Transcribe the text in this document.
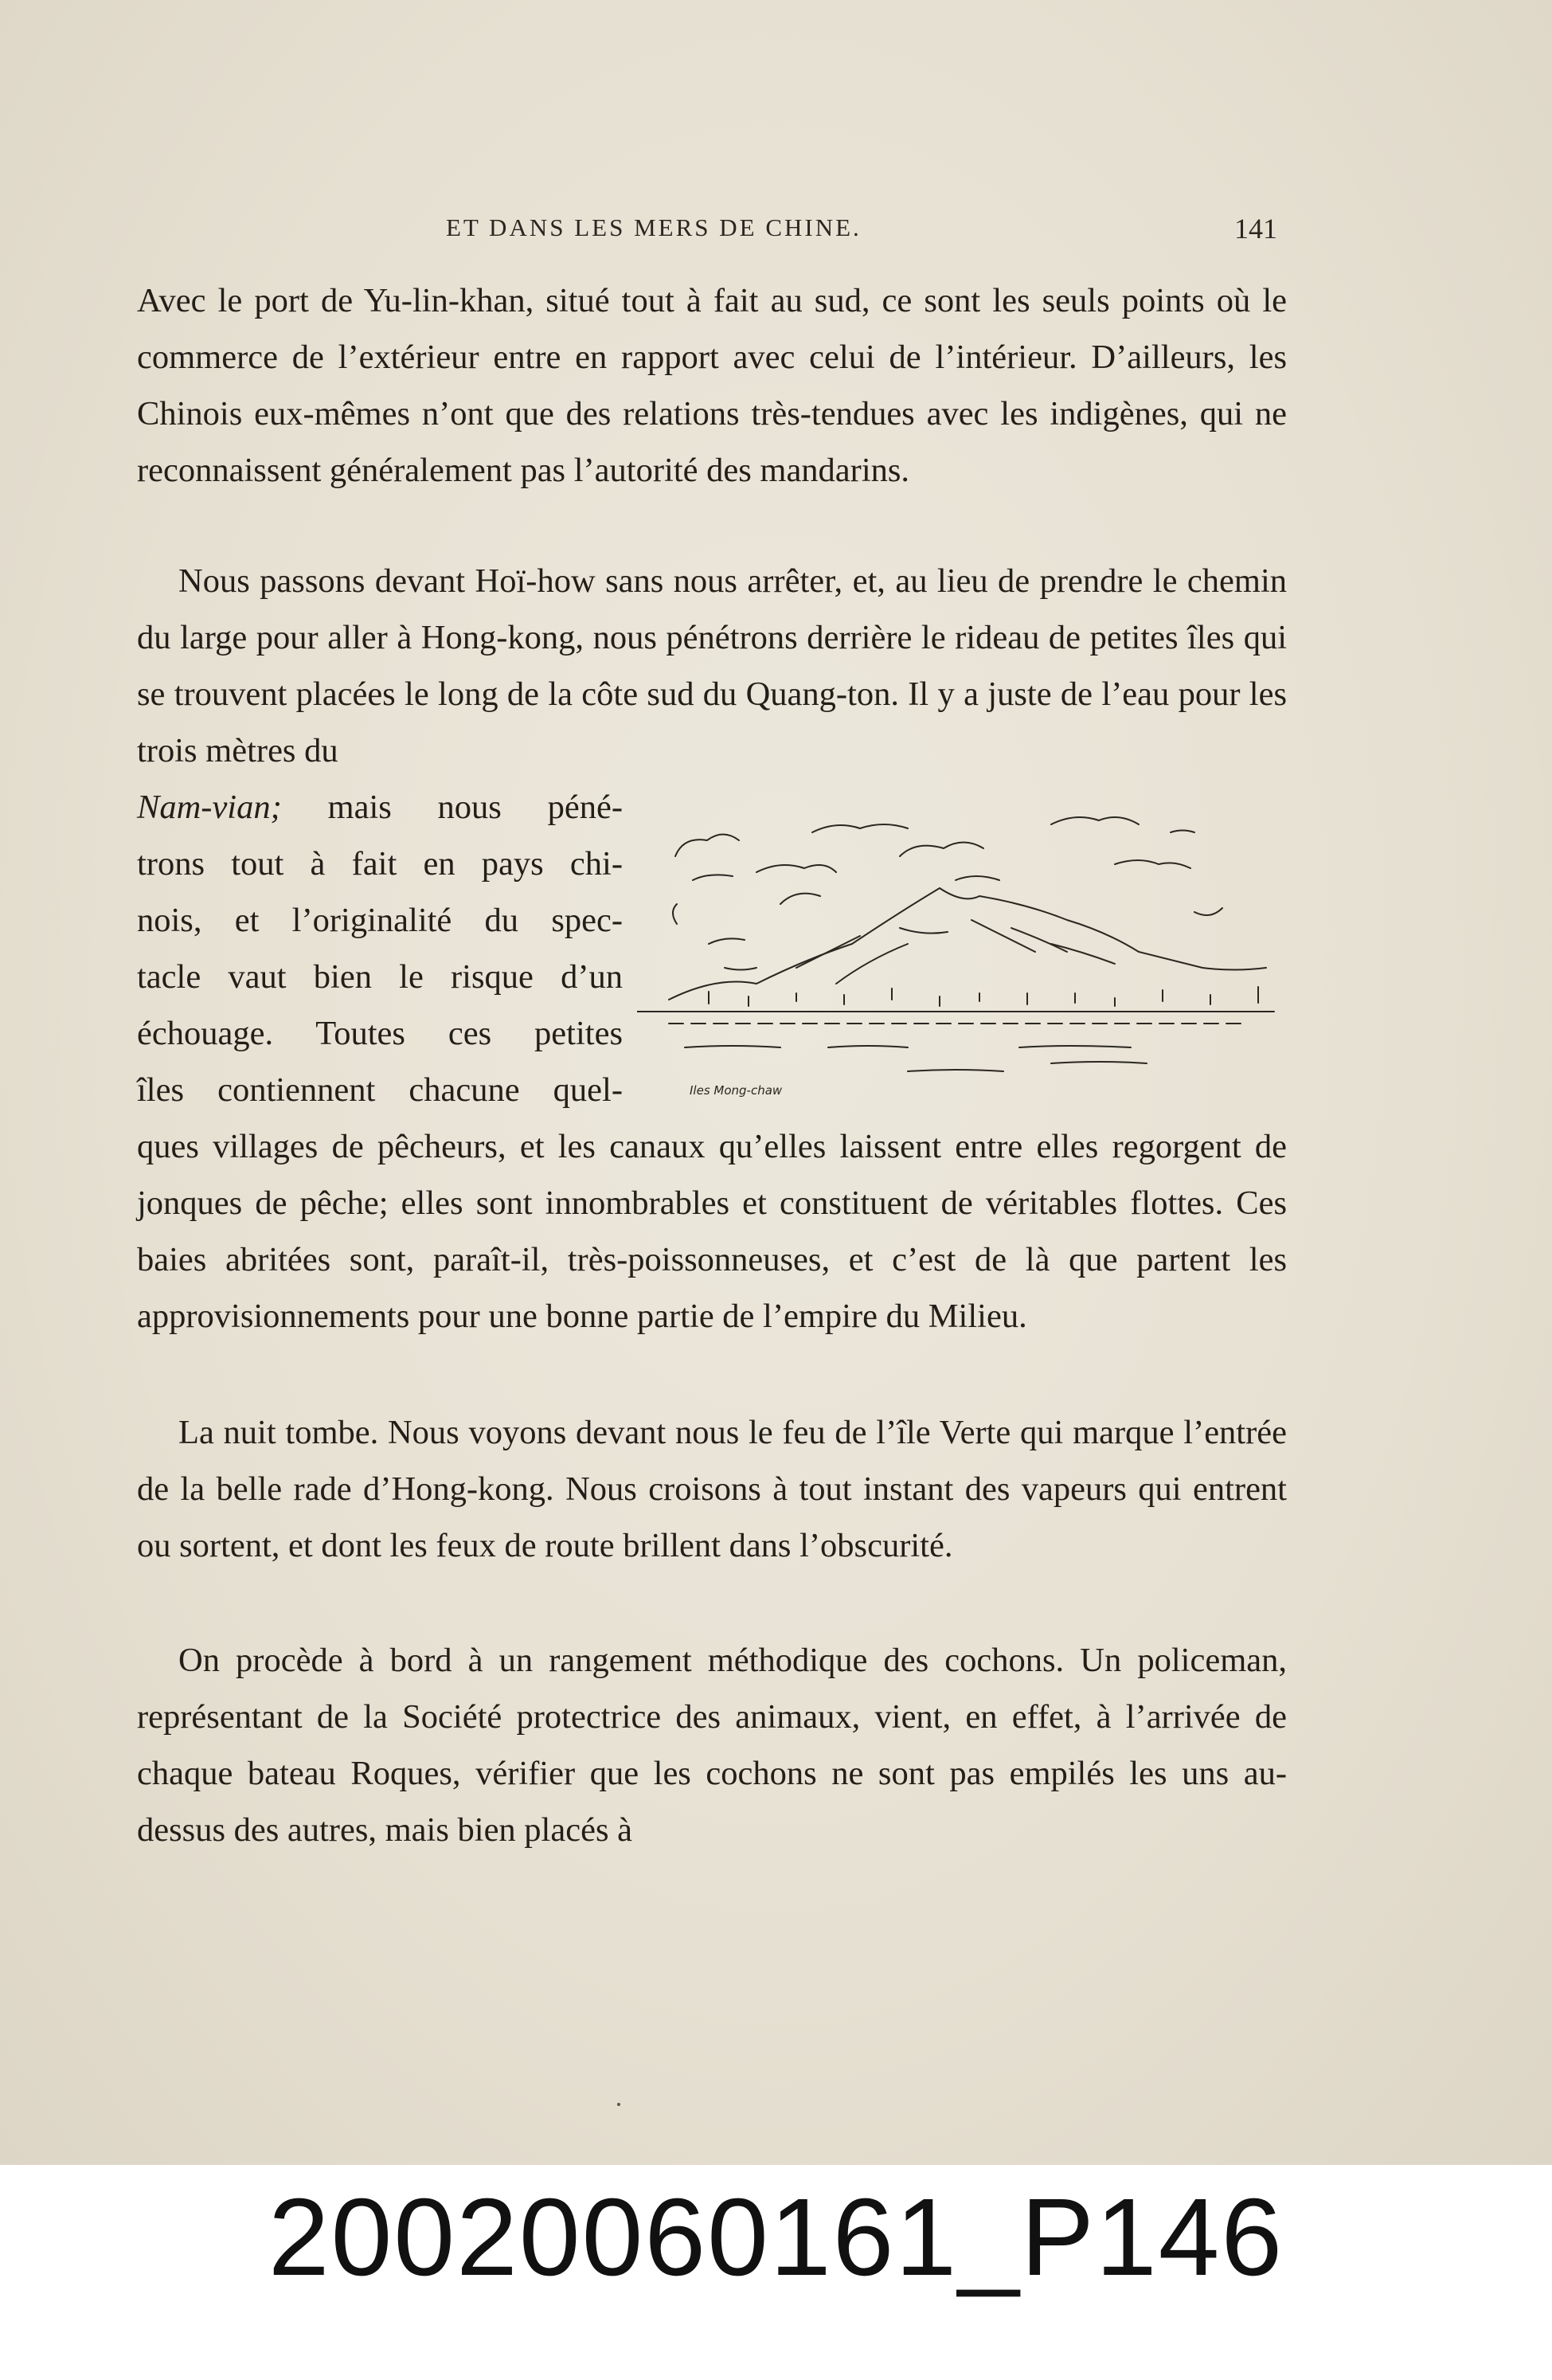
ET DANS LES MERS DE CHINE.	141

Avec le port de Yu-lin-khan, situé tout à fait au sud, ce sont les seuls points où le commerce de l’extérieur entre en rapport avec celui de l’intérieur. D’ailleurs, les Chinois eux-mêmes n’ont que des relations très-tendues avec les indigènes, qui ne reconnaissent généralement pas l’autorité des mandarins.

Nous passons devant Hoï-how sans nous arrêter, et, au lieu de prendre le chemin du large pour aller à Hong-kong, nous pénétrons derrière le rideau de petites îles qui se trouvent placées le long de la côte sud du Quang-ton. Il y a juste de l’eau pour les trois mètres du

Nam-vian; mais nous péné-
trons tout à fait en pays chi-
nois, et l’originalité du spec-
tacle vaut bien le risque d’un
échouage. Toutes ces petites
îles contiennent chacune quel-	Iles Mong-chaw

ques villages de pêcheurs, et les canaux qu’elles laissent entre elles regorgent de jonques de pêche; elles sont innombrables et constituent de véritables flottes. Ces baies abritées sont, paraît-il, très-poissonneuses, et c’est de là que partent les approvisionnements pour une bonne partie de l’empire du Milieu.

La nuit tombe. Nous voyons devant nous le feu de l’île Verte qui marque l’entrée de la belle rade d’Hong-kong. Nous croisons à tout instant des vapeurs qui entrent ou sortent, et dont les feux de route brillent dans l’obscurité.

On procède à bord à un rangement méthodique des cochons. Un policeman, représentant de la Société protectrice des animaux, vient, en effet, à l’arrivée de chaque bateau Roques, vérifier que les cochons ne sont pas empilés les uns au-dessus des autres, mais bien placés à

20020060161_P146
